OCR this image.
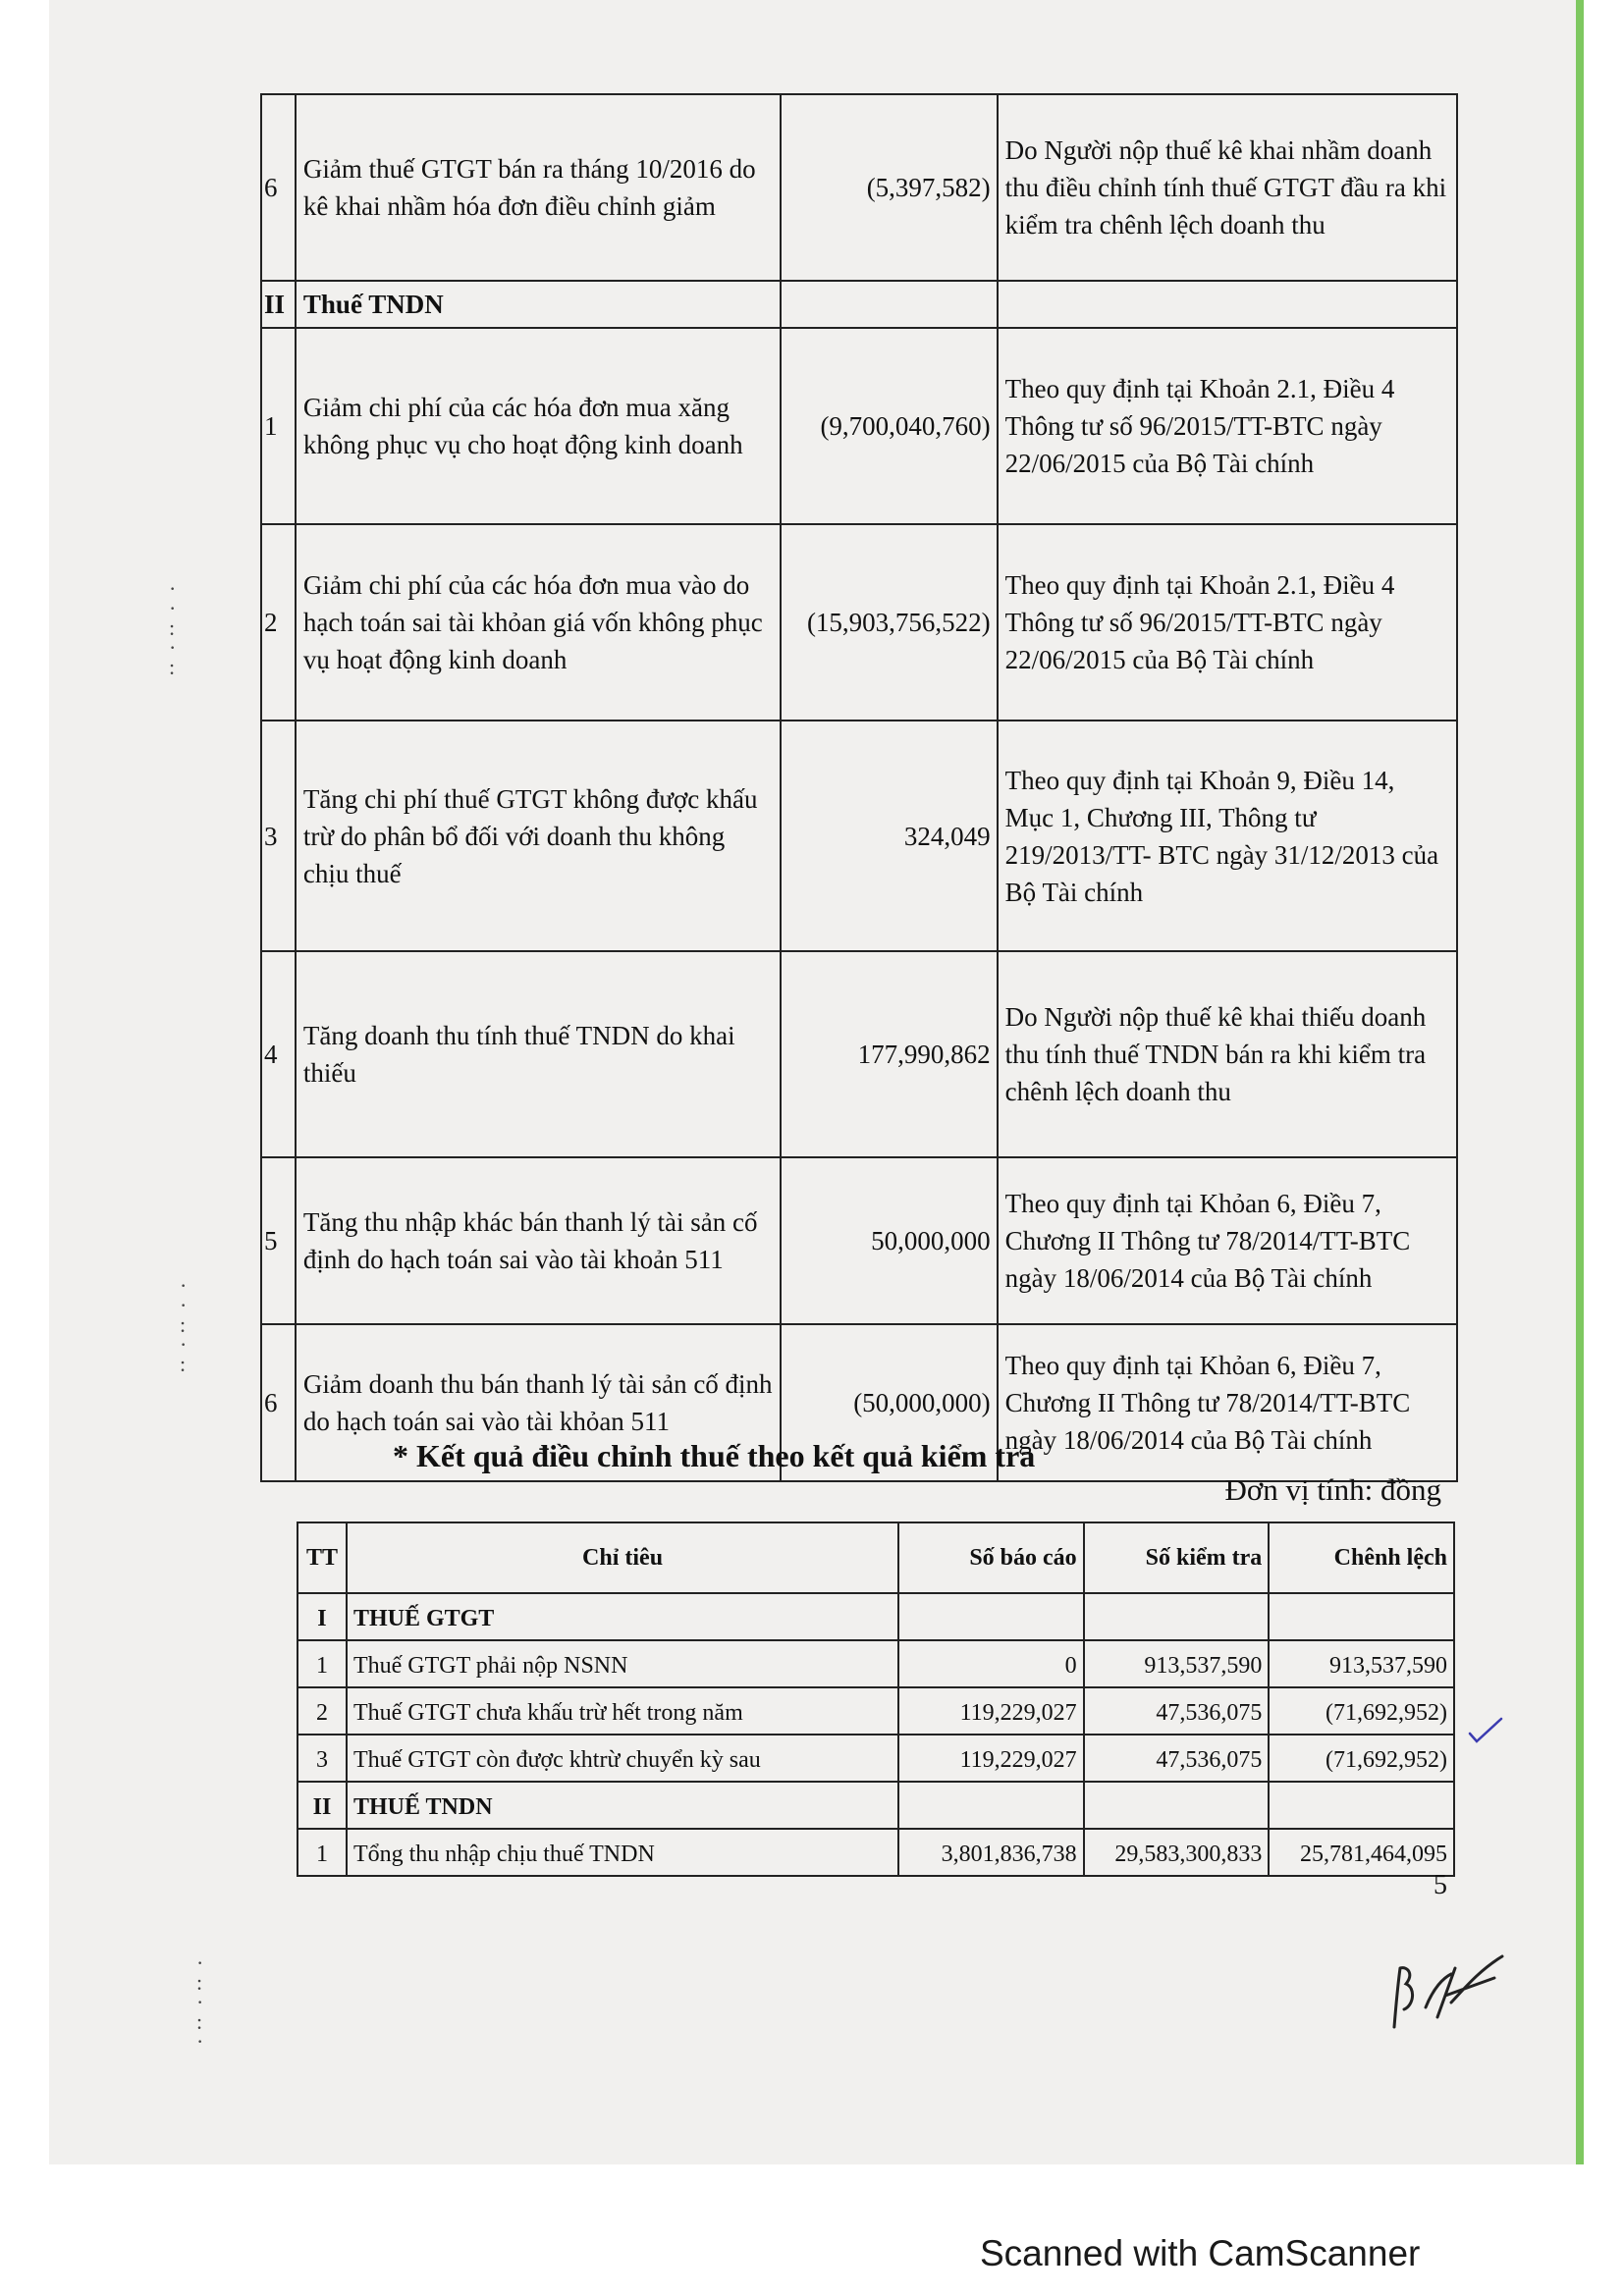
·
·
:
·
:
·
·
:
·
:
·
:
·
:
·
6	Giảm thuế GTGT bán ra tháng 10/2016 do kê khai nhầm hóa đơn điều chỉnh giảm	(5,397,582)	Do Người nộp thuế kê khai nhầm doanh thu điều chỉnh tính thuế GTGT đầu ra khi kiểm tra chênh lệch doanh thu
II	Thuế TNDN		
1	Giảm chi phí của các hóa đơn mua xăng không phục vụ cho hoạt động kinh doanh	(9,700,040,760)	Theo quy định tại Khoản 2.1, Điều 4 Thông tư số 96/2015/TT-BTC ngày 22/06/2015 của Bộ Tài chính
2	Giảm chi phí của các hóa đơn mua vào do hạch toán sai tài khỏan giá vốn không phục vụ hoạt động kinh doanh	(15,903,756,522)	Theo quy định tại Khoản 2.1, Điều 4 Thông tư số 96/2015/TT-BTC ngày 22/06/2015 của Bộ Tài chính
3	Tăng chi phí thuế GTGT không được khấu trừ do phân bổ đối với doanh thu không chịu thuế	324,049	Theo quy định tại Khoản 9, Điều 14, Mục 1, Chương III, Thông tư 219/2013/TT- BTC ngày 31/12/2013 của Bộ Tài chính
4	Tăng doanh thu tính thuế TNDN do khai thiếu	177,990,862	Do Người nộp thuế kê khai thiếu doanh thu tính thuế TNDN bán ra khi kiểm tra chênh lệch doanh thu
5	Tăng thu nhập khác bán thanh lý tài sản cố định do hạch toán sai vào tài khoản 511	50,000,000	Theo quy định tại Khỏan 6, Điều 7, Chương II Thông tư 78/2014/TT-BTC ngày 18/06/2014 của Bộ Tài chính
6	Giảm doanh thu bán thanh lý tài sản cố định do hạch toán sai vào tài khỏan 511	(50,000,000)	Theo quy định tại Khỏan 6, Điều 7, Chương II Thông tư 78/2014/TT-BTC ngày 18/06/2014 của Bộ Tài chính
* Kết quả điều chỉnh thuế theo kết quả kiểm tra
Đơn vị tính: đồng
TT	Chỉ tiêu	Số báo cáo	Số kiểm tra	Chênh lệch
I	THUẾ GTGT			
1	Thuế GTGT phải nộp NSNN	0	913,537,590	913,537,590
2	Thuế GTGT chưa khấu trừ hết trong năm	119,229,027	47,536,075	(71,692,952)
3	Thuế GTGT còn được khtrừ chuyển kỳ sau	119,229,027	47,536,075	(71,692,952)
II	THUẾ TNDN			
1	Tổng thu nhập chịu thuế TNDN	3,801,836,738	29,583,300,833	25,781,464,095
5
Scanned with CamScanner
